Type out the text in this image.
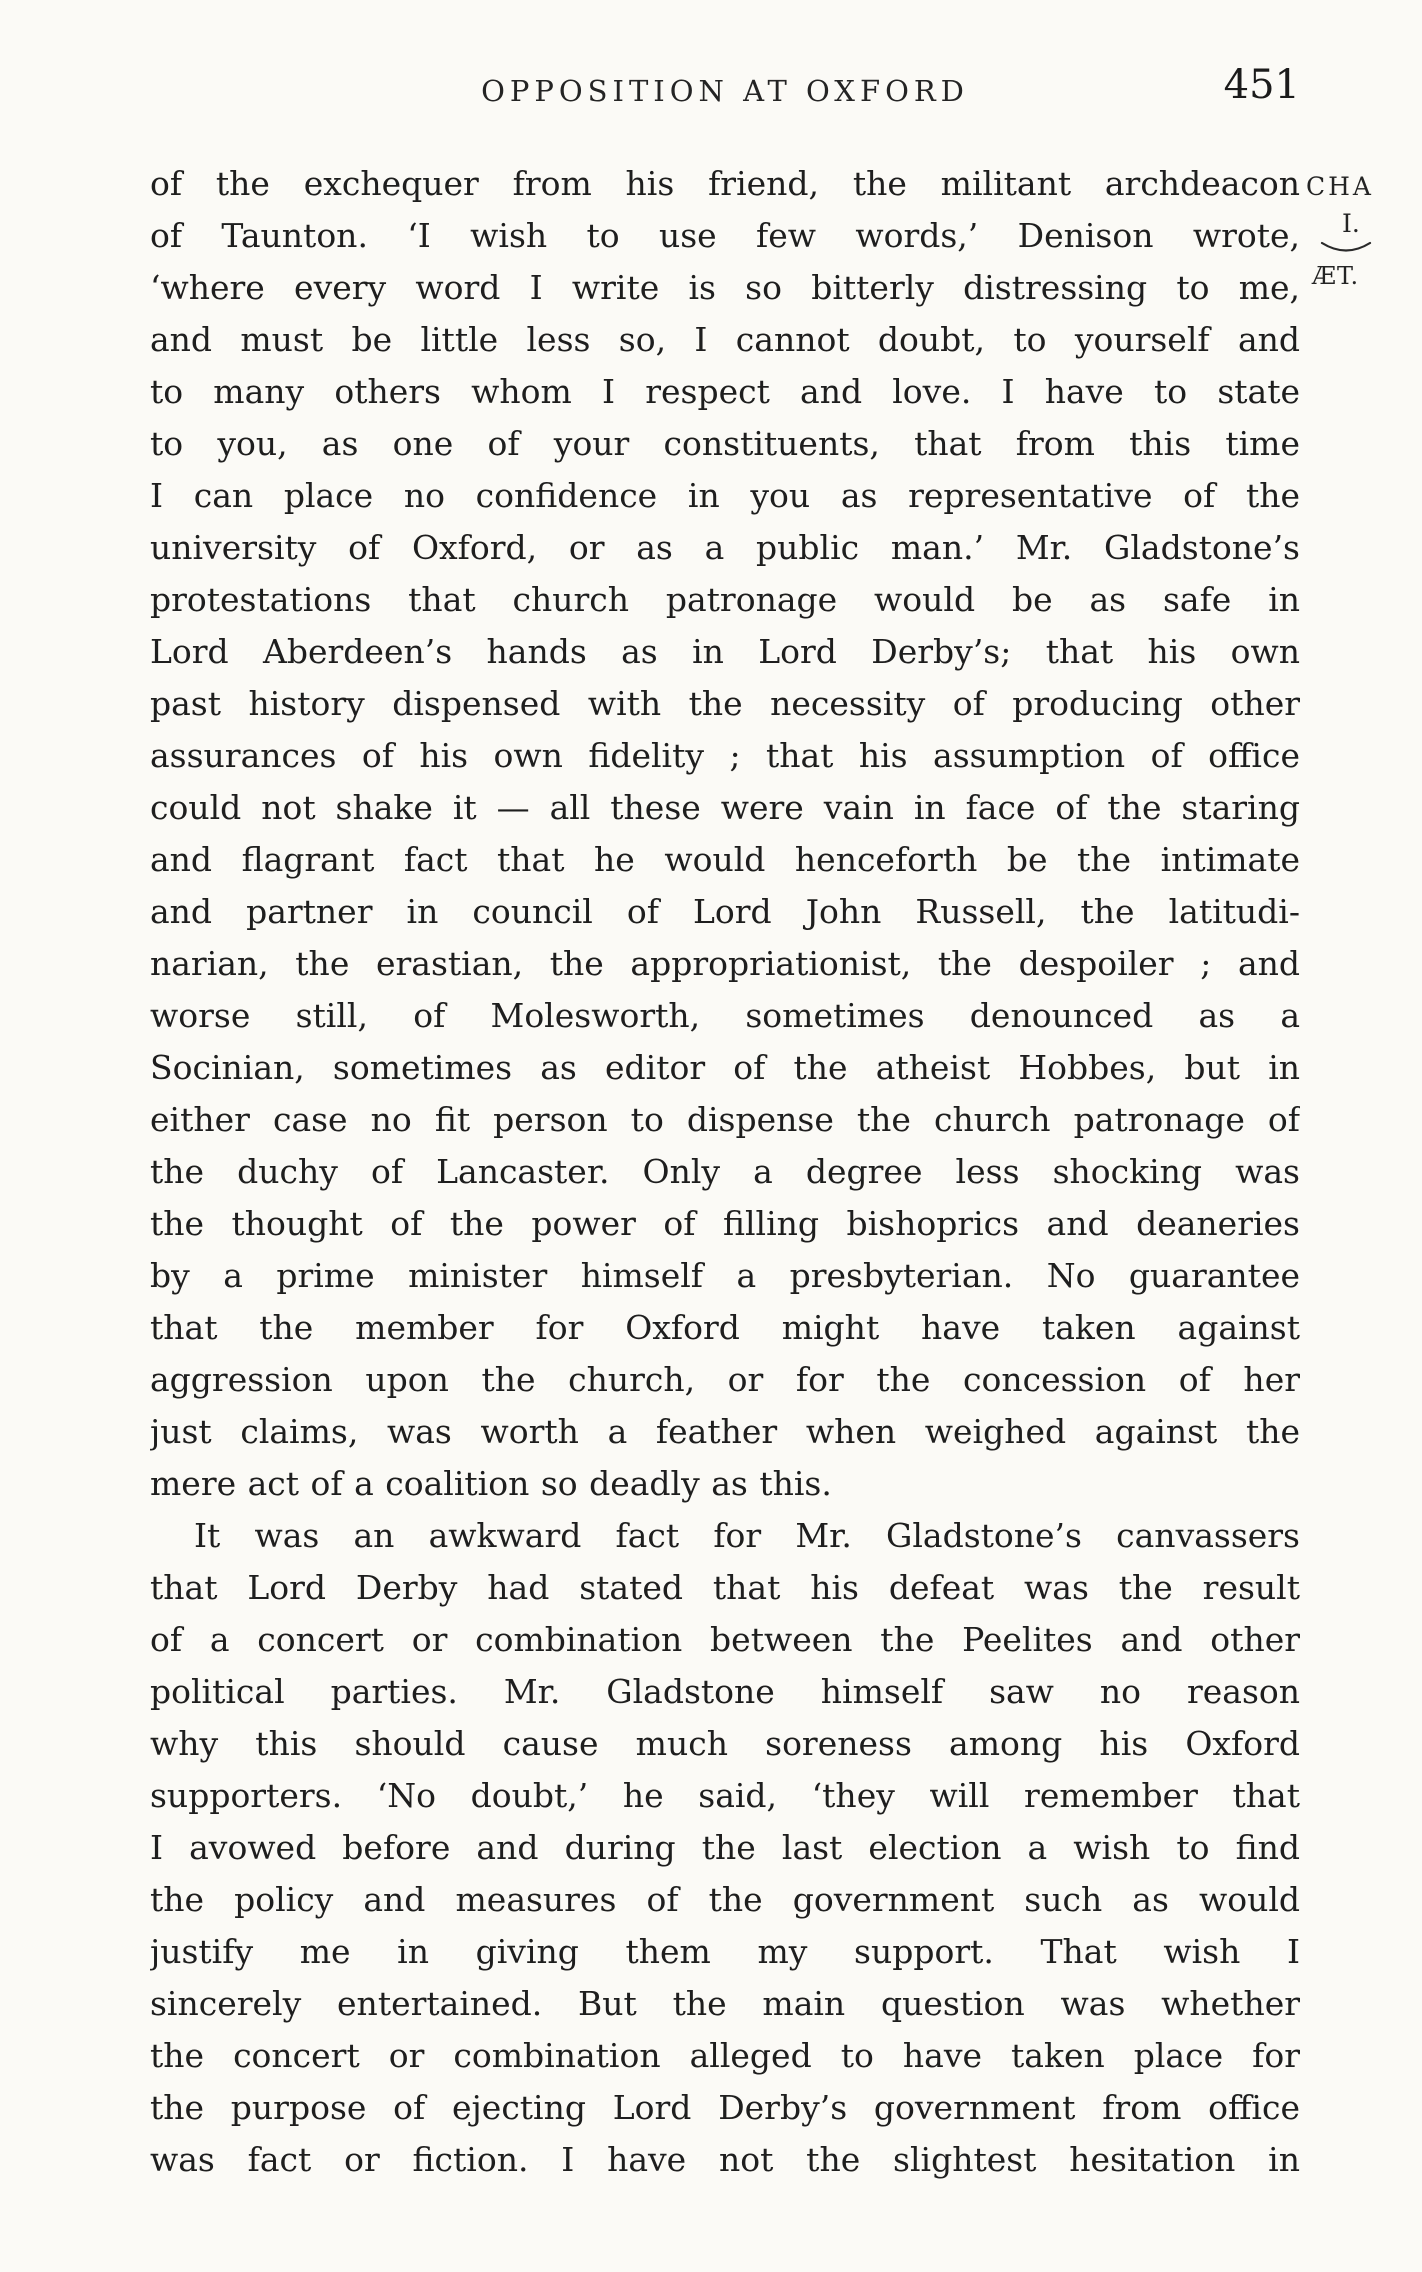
OPPOSITION AT OXFORD	451
CHA
I.
ÆT.
of the exchequer from his friend, the militant archdeacon
of Taunton. ‘I wish to use few words,’ Denison wrote,
‘where every word I write is so bitterly distressing to me,
and must be little less so, I cannot doubt, to yourself and
to many others whom I respect and love. I have to state
to you, as one of your constituents, that from this time
I can place no confidence in you as representative of the
university of Oxford, or as a public man.’ Mr. Gladstone’s
protestations that church patronage would be as safe in
Lord Aberdeen’s hands as in Lord Derby’s; that his own
past history dispensed with the necessity of producing other
assurances of his own fidelity ; that his assumption of office
could not shake it — all these were vain in face of the staring
and flagrant fact that he would henceforth be the intimate
and partner in council of Lord John Russell, the latitudi-
narian, the erastian, the appropriationist, the despoiler ; and
worse still, of Molesworth, sometimes denounced as a
Socinian, sometimes as editor of the atheist Hobbes, but in
either case no fit person to dispense the church patronage of
the duchy of Lancaster. Only a degree less shocking was
the thought of the power of filling bishoprics and deaneries
by a prime minister himself a presbyterian. No guarantee
that the member for Oxford might have taken against
aggression upon the church, or for the concession of her
just claims, was worth a feather when weighed against the
mere act of a coalition so deadly as this.
It was an awkward fact for Mr. Gladstone’s canvassers
that Lord Derby had stated that his defeat was the result
of a concert or combination between the Peelites and other
political parties. Mr. Gladstone himself saw no reason
why this should cause much soreness among his Oxford
supporters. ‘No doubt,’ he said, ‘they will remember that
I avowed before and during the last election a wish to find
the policy and measures of the government such as would
justify me in giving them my support. That wish I
sincerely entertained. But the main question was whether
the concert or combination alleged to have taken place for
the purpose of ejecting Lord Derby’s government from office
was fact or fiction. I have not the slightest hesitation in
